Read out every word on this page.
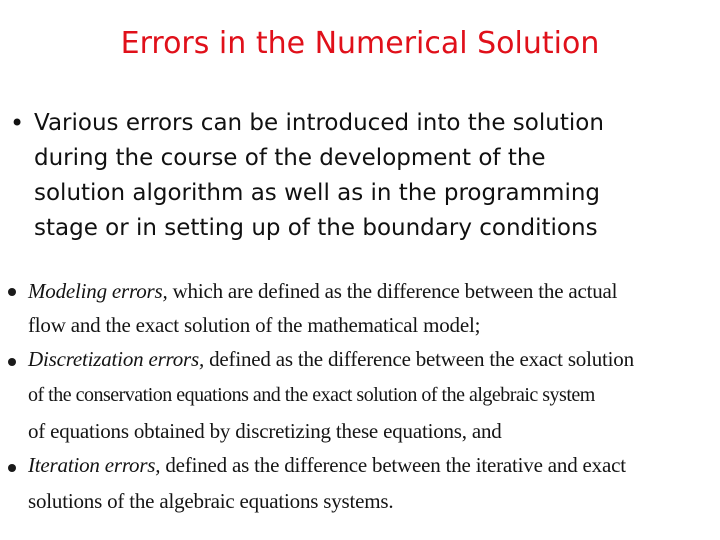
Errors in the Numerical Solution
• Various errors can be introduced into the solution
during the course of the development of the
solution algorithm as well as in the programming
stage or in setting up of the boundary conditions
Modeling errors, which are defined as the difference between the actual
flow and the exact solution of the mathematical model;
Discretization errors, defined as the difference between the exact solution
of the conservation equations and the exact solution of the algebraic system
of equations obtained by discretizing these equations, and
Iteration errors, defined as the difference between the iterative and exact
solutions of the algebraic equations systems.
